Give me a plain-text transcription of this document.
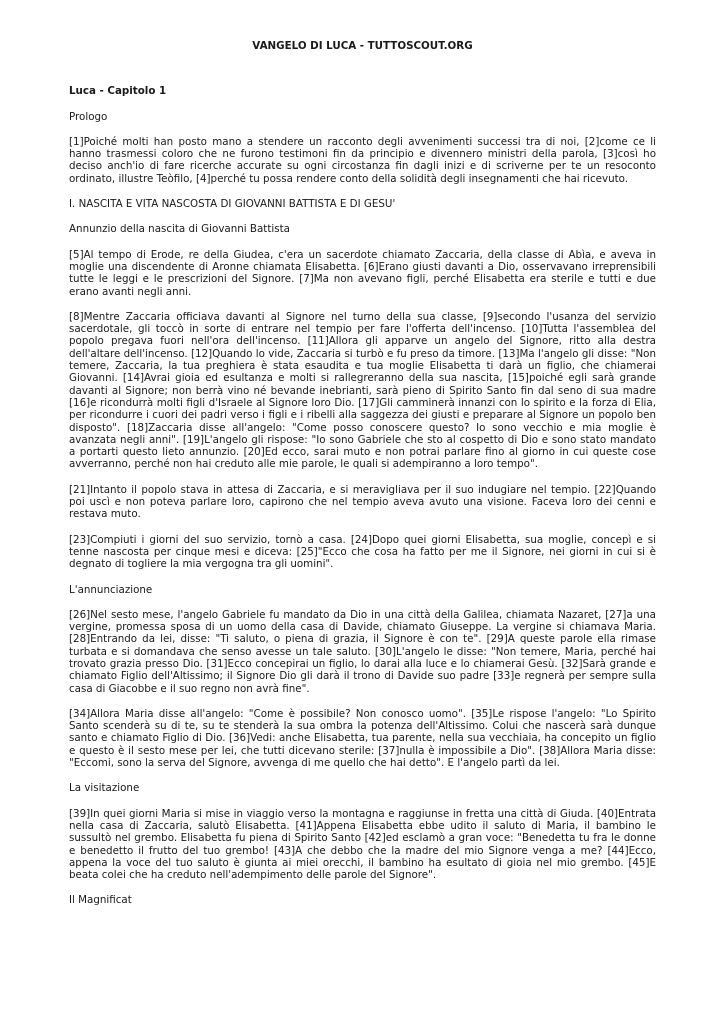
VANGELO DI LUCA - TUTTOSCOUT.ORG
Luca - Capitolo 1
Prologo
[1]Poiché molti han posto mano a stendere un racconto degli avvenimenti successi tra di noi, [2]come ce li hanno trasmessi coloro che ne furono testimoni fin da principio e divennero ministri della parola, [3]così ho deciso anch'io di fare ricerche accurate su ogni circostanza fin dagli inizi e di scriverne per te un resoconto ordinato, illustre Teòfilo, [4]perché tu possa rendere conto della solidità degli insegnamenti che hai ricevuto.
I. NASCITA E VITA NASCOSTA DI GIOVANNI BATTISTA E DI GESU'
Annunzio della nascita di Giovanni Battista
[5]Al tempo di Erode, re della Giudea, c'era un sacerdote chiamato Zaccaria, della classe di Abìa, e aveva in moglie una discendente di Aronne chiamata Elisabetta. [6]Erano giusti davanti a Dio, osservavano irreprensibili tutte le leggi e le prescrizioni del Signore. [7]Ma non avevano figli, perché Elisabetta era sterile e tutti e due erano avanti negli anni.
[8]Mentre Zaccaria officiava davanti al Signore nel turno della sua classe, [9]secondo l'usanza del servizio sacerdotale, gli toccò in sorte di entrare nel tempio per fare l'offerta dell'incenso. [10]Tutta l'assemblea del popolo pregava fuori nell'ora dell'incenso. [11]Allora gli apparve un angelo del Signore, ritto alla destra dell'altare dell'incenso. [12]Quando lo vide, Zaccaria si turbò e fu preso da timore. [13]Ma l'angelo gli disse: "Non temere, Zaccaria, la tua preghiera è stata esaudita e tua moglie Elisabetta ti darà un figlio, che chiamerai Giovanni. [14]Avrai gioia ed esultanza e molti si rallegreranno della sua nascita, [15]poiché egli sarà grande davanti al Signore; non berrà vino né bevande inebrianti, sarà pieno di Spirito Santo fin dal seno di sua madre [16]e ricondurrà molti figli d'Israele al Signore loro Dio. [17]Gli camminerà innanzi con lo spirito e la forza di Elia, per ricondurre i cuori dei padri verso i figli e i ribelli alla saggezza dei giusti e preparare al Signore un popolo ben disposto". [18]Zaccaria disse all'angelo: "Come posso conoscere questo? Io sono vecchio e mia moglie è avanzata negli anni". [19]L'angelo gli rispose: "Io sono Gabriele che sto al cospetto di Dio e sono stato mandato a portarti questo lieto annunzio. [20]Ed ecco, sarai muto e non potrai parlare fino al giorno in cui queste cose avverranno, perché non hai creduto alle mie parole, le quali si adempiranno a loro tempo".
[21]Intanto il popolo stava in attesa di Zaccaria, e si meravigliava per il suo indugiare nel tempio. [22]Quando poi uscì e non poteva parlare loro, capirono che nel tempio aveva avuto una visione. Faceva loro dei cenni e restava muto.
[23]Compiuti i giorni del suo servizio, tornò a casa. [24]Dopo quei giorni Elisabetta, sua moglie, concepì e si tenne nascosta per cinque mesi e diceva: [25]"Ecco che cosa ha fatto per me il Signore, nei giorni in cui si è degnato di togliere la mia vergogna tra gli uomini".
L'annunciazione
[26]Nel sesto mese, l'angelo Gabriele fu mandato da Dio in una città della Galilea, chiamata Nazaret, [27]a una vergine, promessa sposa di un uomo della casa di Davide, chiamato Giuseppe. La vergine si chiamava Maria. [28]Entrando da lei, disse: "Ti saluto, o piena di grazia, il Signore è con te". [29]A queste parole ella rimase turbata e si domandava che senso avesse un tale saluto. [30]L'angelo le disse: "Non temere, Maria, perché hai trovato grazia presso Dio. [31]Ecco concepirai un figlio, lo darai alla luce e lo chiamerai Gesù. [32]Sarà grande e chiamato Figlio dell'Altissimo; il Signore Dio gli darà il trono di Davide suo padre [33]e regnerà per sempre sulla casa di Giacobbe e il suo regno non avrà fine".
[34]Allora Maria disse all'angelo: "Come è possibile? Non conosco uomo". [35]Le rispose l'angelo: "Lo Spirito Santo scenderà su di te, su te stenderà la sua ombra la potenza dell'Altissimo. Colui che nascerà sarà dunque santo e chiamato Figlio di Dio. [36]Vedi: anche Elisabetta, tua parente, nella sua vecchiaia, ha concepito un figlio e questo è il sesto mese per lei, che tutti dicevano sterile: [37]nulla è impossibile a Dio". [38]Allora Maria disse: "Eccomi, sono la serva del Signore, avvenga di me quello che hai detto". E l'angelo partì da lei.
La visitazione
[39]In quei giorni Maria si mise in viaggio verso la montagna e raggiunse in fretta una città di Giuda. [40]Entrata nella casa di Zaccaria, salutò Elisabetta. [41]Appena Elisabetta ebbe udito il saluto di Maria, il bambino le sussultò nel grembo. Elisabetta fu piena di Spirito Santo [42]ed esclamò a gran voce: "Benedetta tu fra le donne e benedetto il frutto del tuo grembo! [43]A che debbo che la madre del mio Signore venga a me? [44]Ecco, appena la voce del tuo saluto è giunta ai miei orecchi, il bambino ha esultato di gioia nel mio grembo. [45]E beata colei che ha creduto nell'adempimento delle parole del Signore".
Il Magnificat
